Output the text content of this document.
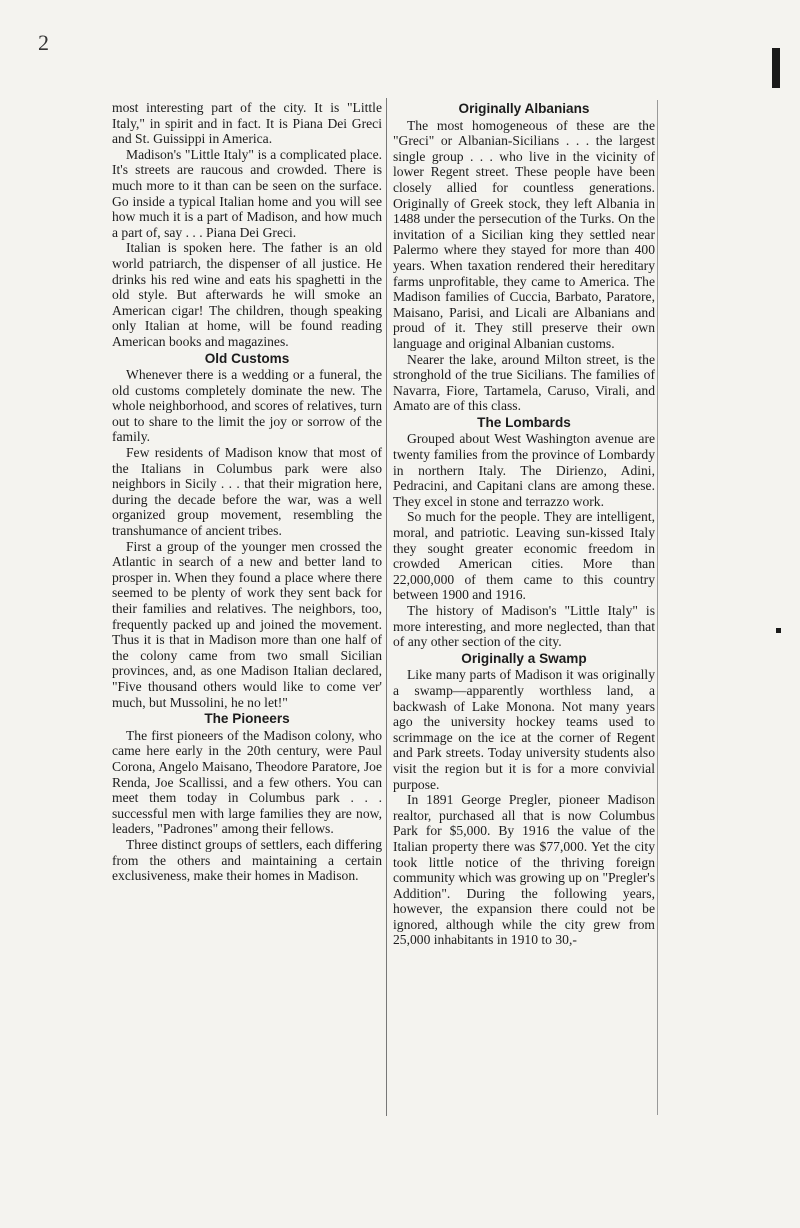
2

most interesting part of the city. It is "Little Italy," in spirit and in fact. It is Piana Dei Greci and St. Guissippi in America.

Madison's "Little Italy" is a complicated place. It's streets are raucous and crowded. There is much more to it than can be seen on the surface. Go inside a typical Italian home and you will see how much it is a part of Madison, and how much a part of, say . . . Piana Dei Greci.

Italian is spoken here. The father is an old world patriarch, the dispenser of all justice. He drinks his red wine and eats his spaghetti in the old style. But afterwards he will smoke an American cigar! The children, though speaking only Italian at home, will be found reading American books and magazines.

Old Customs

Whenever there is a wedding or a funeral, the old customs completely dominate the new. The whole neighborhood, and scores of relatives, turn out to share to the limit the joy or sorrow of the family.

Few residents of Madison know that most of the Italians in Columbus park were also neighbors in Sicily . . . that their migration here, during the decade before the war, was a well organized group movement, resembling the transhumance of ancient tribes.

First a group of the younger men crossed the Atlantic in search of a new and better land to prosper in. When they found a place where there seemed to be plenty of work they sent back for their families and relatives. The neighbors, too, frequently packed up and joined the movement. Thus it is that in Madison more than one half of the colony came from two small Sicilian provinces, and, as one Madison Italian declared, "Five thousand others would like to come ver' much, but Mussolini, he no let!"

The Pioneers

The first pioneers of the Madison colony, who came here early in the 20th century, were Paul Corona, Angelo Maisano, Theodore Paratore, Joe Renda, Joe Scallissi, and a few others. You can meet them today in Columbus park . . . successful men with large families they are now, leaders, "Padrones" among their fellows.

Three distinct groups of settlers, each differing from the others and maintaining a certain exclusiveness, make their homes in Madison.

Originally Albanians

The most homogeneous of these are the "Greci" or Albanian-Sicilians . . . the largest single group . . . who live in the vicinity of lower Regent street. These people have been closely allied for countless generations. Originally of Greek stock, they left Albania in 1488 under the persecution of the Turks. On the invitation of a Sicilian king they settled near Palermo where they stayed for more than 400 years. When taxation rendered their hereditary farms unprofitable, they came to America. The Madison families of Cuccia, Barbato, Paratore, Maisano, Parisi, and Licali are Albanians and proud of it. They still preserve their own language and original Albanian customs.

Nearer the lake, around Milton street, is the stronghold of the true Sicilians. The families of Navarra, Fiore, Tartamela, Caruso, Virali, and Amato are of this class.

The Lombards

Grouped about West Washington avenue are twenty families from the province of Lombardy in northern Italy. The Dirienzo, Adini, Pedracini, and Capitani clans are among these. They excel in stone and terrazzo work.

So much for the people. They are intelligent, moral, and patriotic. Leaving sun-kissed Italy they sought greater economic freedom in crowded American cities. More than 22,000,000 of them came to this country between 1900 and 1916.

The history of Madison's "Little Italy" is more interesting, and more neglected, than that of any other section of the city.

Originally a Swamp

Like many parts of Madison it was originally a swamp—apparently worthless land, a backwash of Lake Monona. Not many years ago the university hockey teams used to scrimmage on the ice at the corner of Regent and Park streets. Today university students also visit the region but it is for a more convivial purpose.

In 1891 George Pregler, pioneer Madison realtor, purchased all that is now Columbus Park for $5,000. By 1916 the value of the Italian property there was $77,000. Yet the city took little notice of the thriving foreign community which was growing up on "Pregler's Addition". During the following years, however, the expansion there could not be ignored, although while the city grew from 25,000 inhabitants in 1910 to 30,-
